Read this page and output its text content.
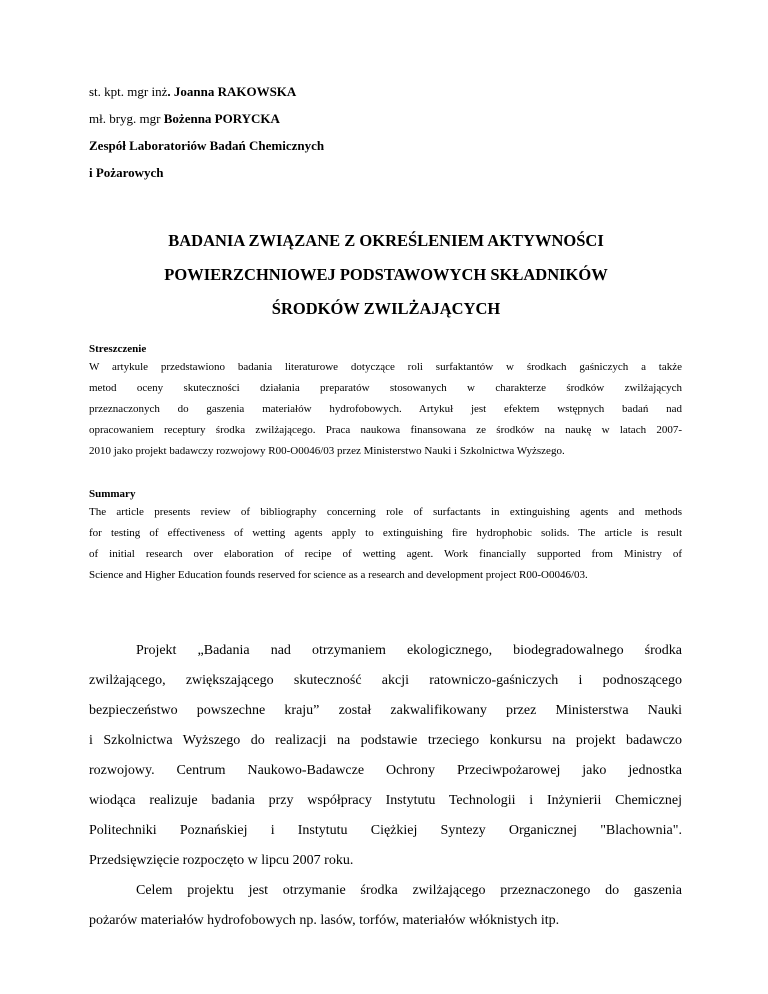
st. kpt. mgr inż. Joanna RAKOWSKA
mł. bryg. mgr Bożenna PORYCKA
Zespół Laboratoriów Badań Chemicznych
i Pożarowych
BADANIA ZWIĄZANE Z OKREŚLENIEM AKTYWNOŚCI
POWIERZCHNIOWEJ PODSTAWOWYCH SKŁADNIKÓW
ŚRODKÓW ZWILŻAJĄCYCH
Streszczenie
W artykule przedstawiono badania literaturowe dotyczące roli surfaktantów w środkach gaśniczych a także
metod oceny skuteczności działania preparatów stosowanych w charakterze środków zwilżających
przeznaczonych do gaszenia materiałów hydrofobowych. Artykuł jest efektem wstępnych badań nad
opracowaniem receptury środka zwilżającego. Praca naukowa finansowana ze środków na naukę w latach 2007-
2010 jako projekt badawczy rozwojowy R00-O0046/03 przez Ministerstwo Nauki i Szkolnictwa Wyższego.
Summary
The article presents review of bibliography concerning role of surfactants in extinguishing agents and methods
for testing of effectiveness of wetting agents apply to extinguishing fire hydrophobic solids. The article is result
of initial research over elaboration of recipe of wetting agent. Work financially supported from Ministry of
Science and Higher Education founds reserved for science as a research and development project R00-O0046/03.
Projekt „Badania nad otrzymaniem ekologicznego, biodegradowalnego środka
zwilżającego, zwiększającego skuteczność akcji ratowniczo-gaśniczych i podnoszącego
bezpieczeństwo powszechne kraju” został zakwalifikowany przez Ministerstwa Nauki
i Szkolnictwa Wyższego do realizacji na podstawie trzeciego konkursu na projekt badawczo
rozwojowy. Centrum Naukowo-Badawcze Ochrony Przeciwpożarowej jako jednostka
wiodąca realizuje badania przy współpracy Instytutu Technologii i Inżynierii Chemicznej
Politechniki Poznańskiej i Instytutu Ciężkiej Syntezy Organicznej "Blachownia".
Przedsięwzięcie rozpoczęto w lipcu 2007 roku.
Celem projektu jest otrzymanie środka zwilżającego przeznaczonego do gaszenia
pożarów materiałów hydrofobowych np. lasów, torfów, materiałów włóknistych itp.
